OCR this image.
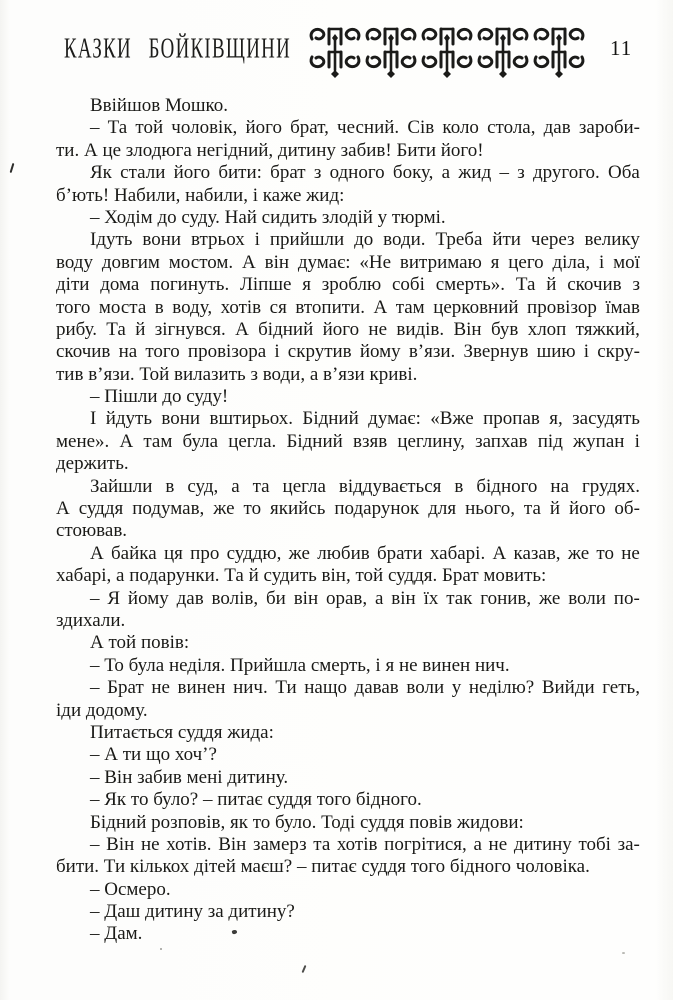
КАЗКИ БОЙКІВЩИНИ	11
Ввійшов Мошко.
– Та той чоловік, його брат, чесний. Сів коло стола, дав зароби-
ти. А це злодюга негідний, дитину забив! Бити його!
Як стали його бити: брат з одного боку, а жид – з другого. Оба
б’ють! Набили, набили, і каже жид:
– Ходім до суду. Най сидить злодій у тюрмі.
Ідуть вони втрьох і прийшли до води. Треба йти через велику
воду довгим мостом. А він думає: «Не витримаю я цего діла, і мої
діти дома погинуть. Ліпше я зроблю собі смерть». Та й скочив з
того моста в воду, хотів ся втопити. А там церковний провізор їмав
рибу. Та й зігнувся. А бідний його не видів. Він був хлоп тяжкий,
скочив на того провізора і скрутив йому в’язи. Звернув шию і скру-
тив в’язи. Той вилазить з води, а в’язи криві.
– Пішли до суду!
І йдуть вони вштирьох. Бідний думає: «Вже пропав я, засудять
мене». А там була цегла. Бідний взяв цеглину, запхав під жупан і
держить.
Зайшли в суд, а та цегла віддувається в бідного на грудях.
А суддя подумав, же то якийсь подарунок для нього, та й його об-
стоював.
А байка ця про суддю, же любив брати хабарі. А казав, же то не
хабарі, а подарунки. Та й судить він, той суддя. Брат мовить:
– Я йому дав волів, би він орав, а він їх так гонив, же воли по-
здихали.
А той повів:
– То була неділя. Прийшла смерть, і я не винен нич.
– Брат не винен нич. Ти нащо давав воли у неділю? Вийди геть,
іди додому.
Питається суддя жида:
– А ти що хоч’?
– Він забив мені дитину.
– Як то було? – питає суддя того бідного.
Бідний розповів, як то було. Тоді суддя повів жидови:
– Він не хотів. Він замерз та хотів погрітися, а не дитину тобі за-
бити. Ти кількох дітей маєш? – питає суддя того бідного чоловіка.
– Осмеро.
– Даш дитину за дитину?
– Дам.
